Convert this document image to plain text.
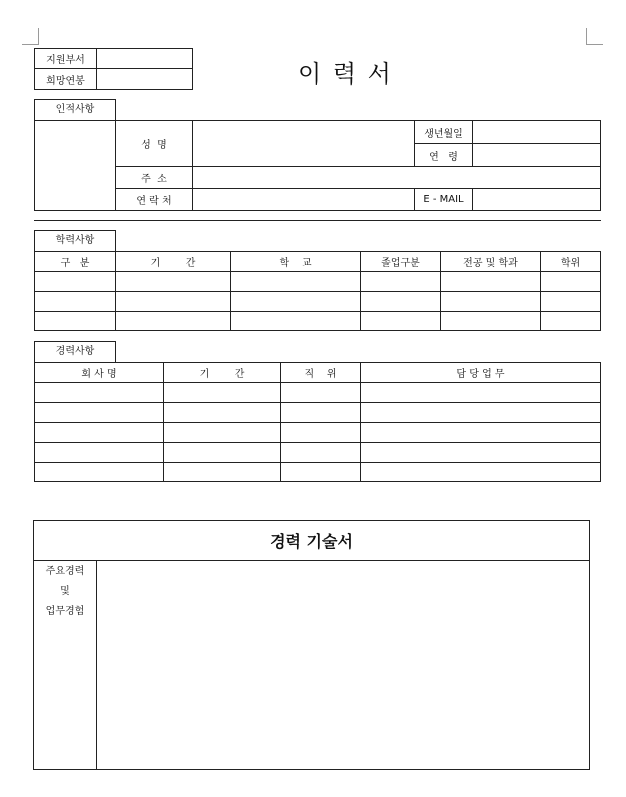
지원부서	
희망연봉		이 력 서
인적사항
	성  명		생년월일	
			연   령	
	주  소			
	연 락 처		E - MAIL	
학력사항
구   분	기        간	학    교	졸업구분	전공 및 학과	학위

경력사항
회 사 명	기        간	직    위	담 당 업 무

경력 기술서

주요경력
및
업무경험
